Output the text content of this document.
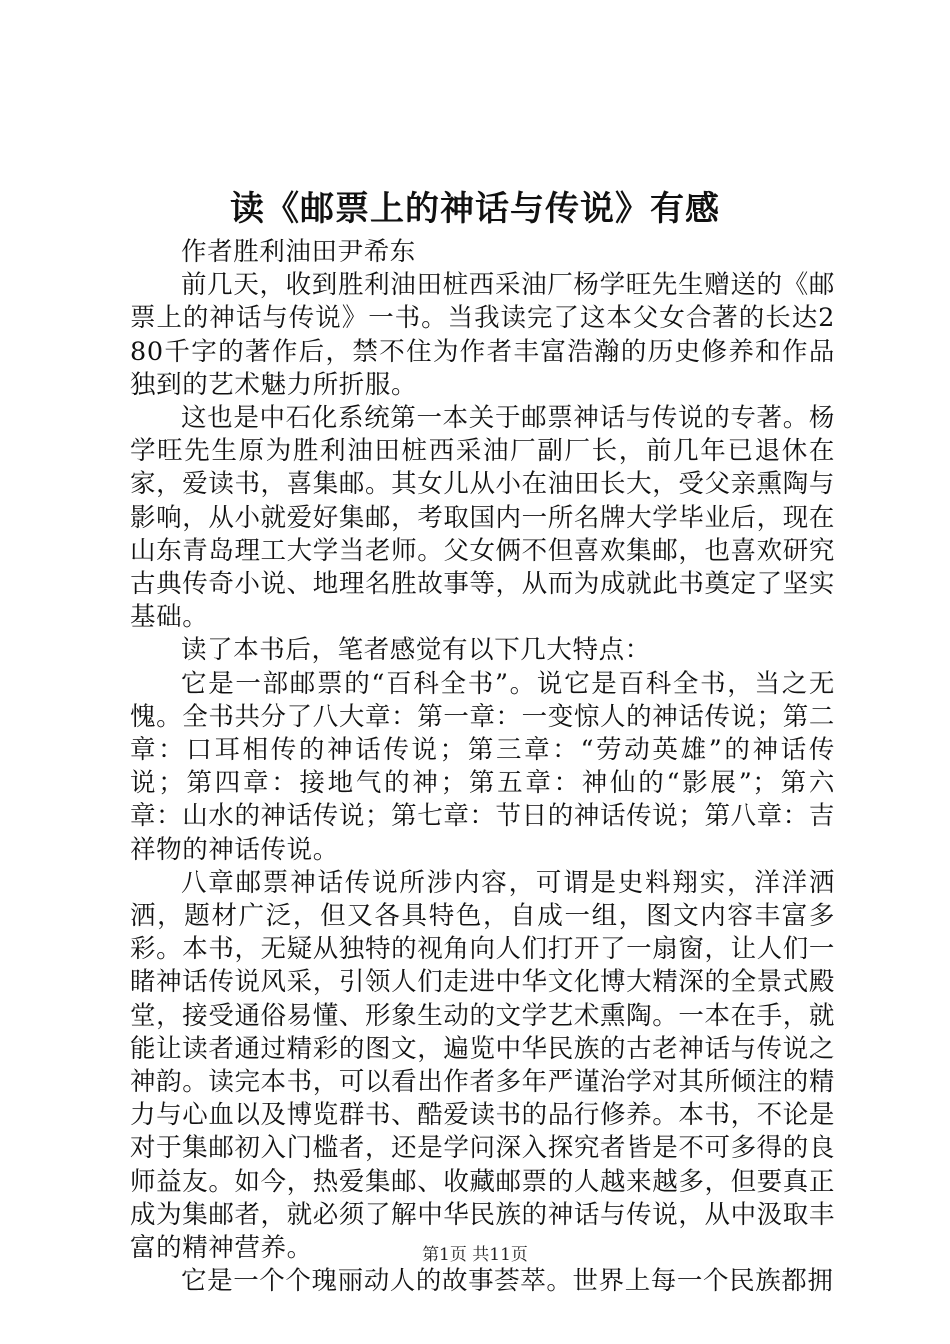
读《邮票上的神话与传说》有感

作者胜利油田尹希东

前几天，收到胜利油田桩西采油厂杨学旺先生赠送的《邮票上的神话与传说》一书。当我读完了这本父女合著的长达280千字的著作后，禁不住为作者丰富浩瀚的历史修养和作品独到的艺术魅力所折服。

这也是中石化系统第一本关于邮票神话与传说的专著。杨学旺先生原为胜利油田桩西采油厂副厂长，前几年已退休在家，爱读书，喜集邮。其女儿从小在油田长大，受父亲熏陶与影响，从小就爱好集邮，考取国内一所名牌大学毕业后，现在山东青岛理工大学当老师。父女俩不但喜欢集邮，也喜欢研究古典传奇小说、地理名胜故事等，从而为成就此书奠定了坚实基础。

读了本书后，笔者感觉有以下几大特点：

它是一部邮票的“百科全书”。说它是百科全书，当之无愧。全书共分了八大章：第一章：一变惊人的神话传说；第二章：口耳相传的神话传说；第三章：“劳动英雄”的神话传说；第四章：接地气的神；第五章：神仙的“影展”；第六章：山水的神话传说；第七章：节日的神话传说；第八章：吉祥物的神话传说。

八章邮票神话传说所涉内容，可谓是史料翔实，洋洋洒洒，题材广泛，但又各具特色，自成一组，图文内容丰富多彩。本书，无疑从独特的视角向人们打开了一扇窗，让人们一睹神话传说风采，引领人们走进中华文化博大精深的全景式殿堂，接受通俗易懂、形象生动的文学艺术熏陶。一本在手，就能让读者通过精彩的图文，遍览中华民族的古老神话与传说之神韵。读完本书，可以看出作者多年严谨治学对其所倾注的精力与心血以及博览群书、酷爱读书的品行修养。本书，不论是对于集邮初入门槛者，还是学问深入探究者皆是不可多得的良师益友。如今，热爱集邮、收藏邮票的人越来越多，但要真正成为集邮者，就必须了解中华民族的神话与传说，从中汲取丰富的精神营养。

它是一个个瑰丽动人的故事荟萃。世界上每一个民族都拥

第1页 共11页
